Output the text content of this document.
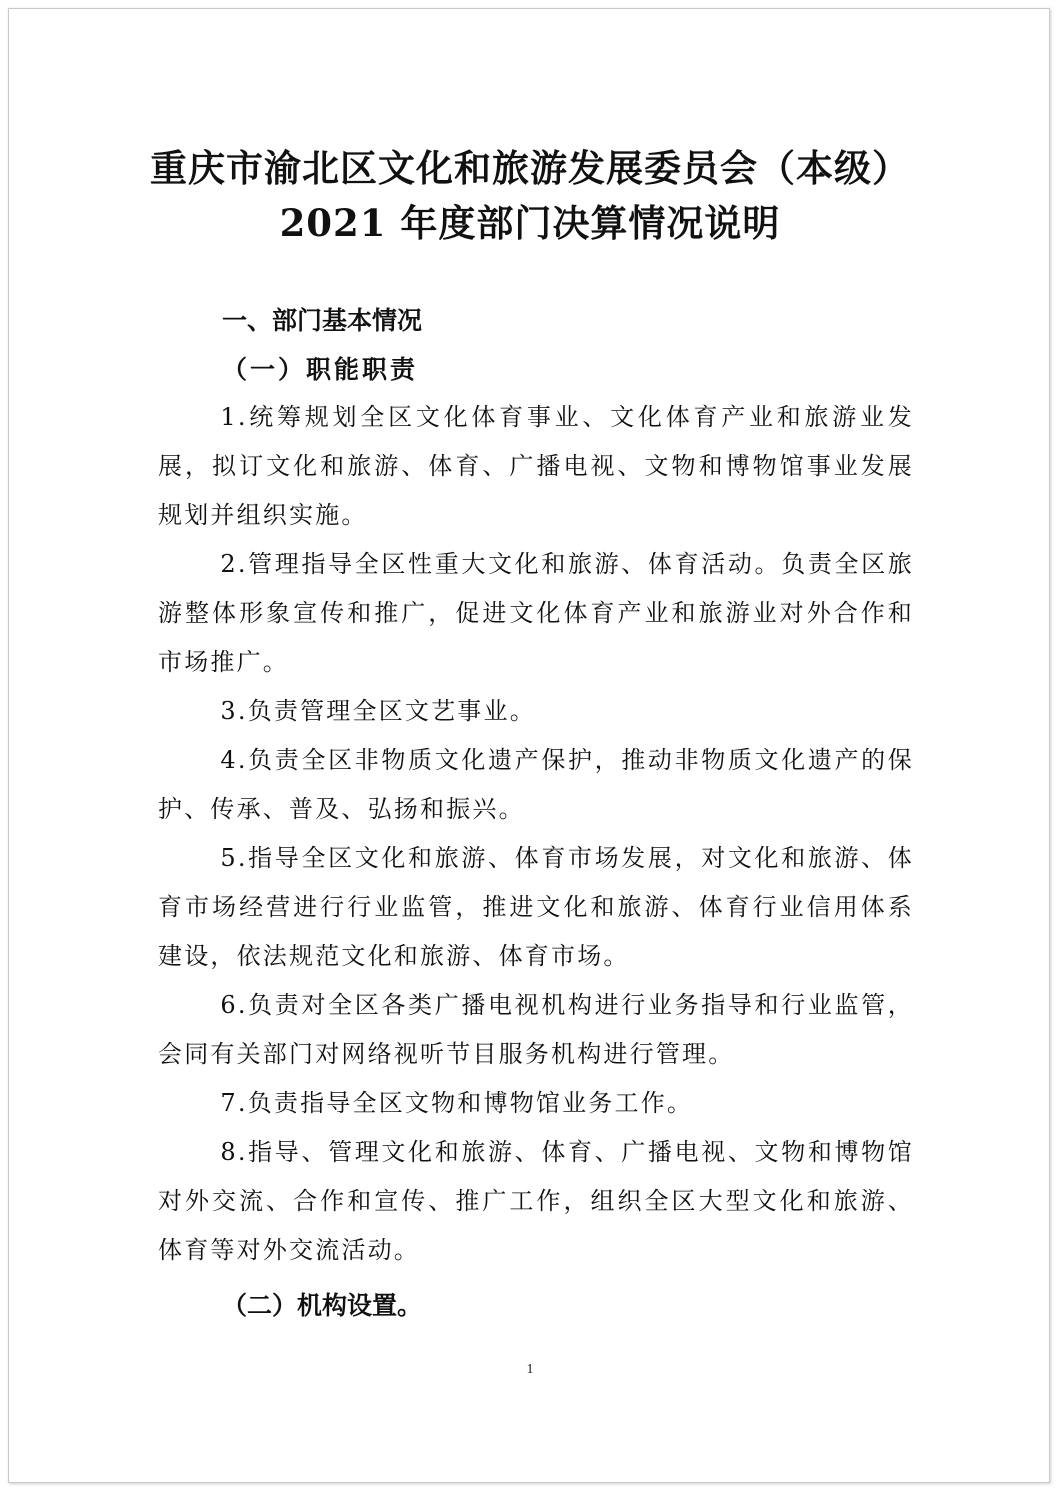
重庆市渝北区文化和旅游发展委员会（本级）
2021 年度部门决算情况说明
一、部门基本情况
（一）职能职责

1.统筹规划全区文化体育事业、文化体育产业和旅游业发展，拟订文化和旅游、体育、广播电视、文物和博物馆事业发展规划并组织实施。

2.管理指导全区性重大文化和旅游、体育活动。负责全区旅游整体形象宣传和推广，促进文化体育产业和旅游业对外合作和市场推广。

3.负责管理全区文艺事业。

4.负责全区非物质文化遗产保护，推动非物质文化遗产的保护、传承、普及、弘扬和振兴。

5.指导全区文化和旅游、体育市场发展，对文化和旅游、体育市场经营进行行业监管，推进文化和旅游、体育行业信用体系建设，依法规范文化和旅游、体育市场。

6.负责对全区各类广播电视机构进行业务指导和行业监管，会同有关部门对网络视听节目服务机构进行管理。

7.负责指导全区文物和博物馆业务工作。

8.指导、管理文化和旅游、体育、广播电视、文物和博物馆对外交流、合作和宣传、推广工作，组织全区大型文化和旅游、体育等对外交流活动。

（二）机构设置。
1
